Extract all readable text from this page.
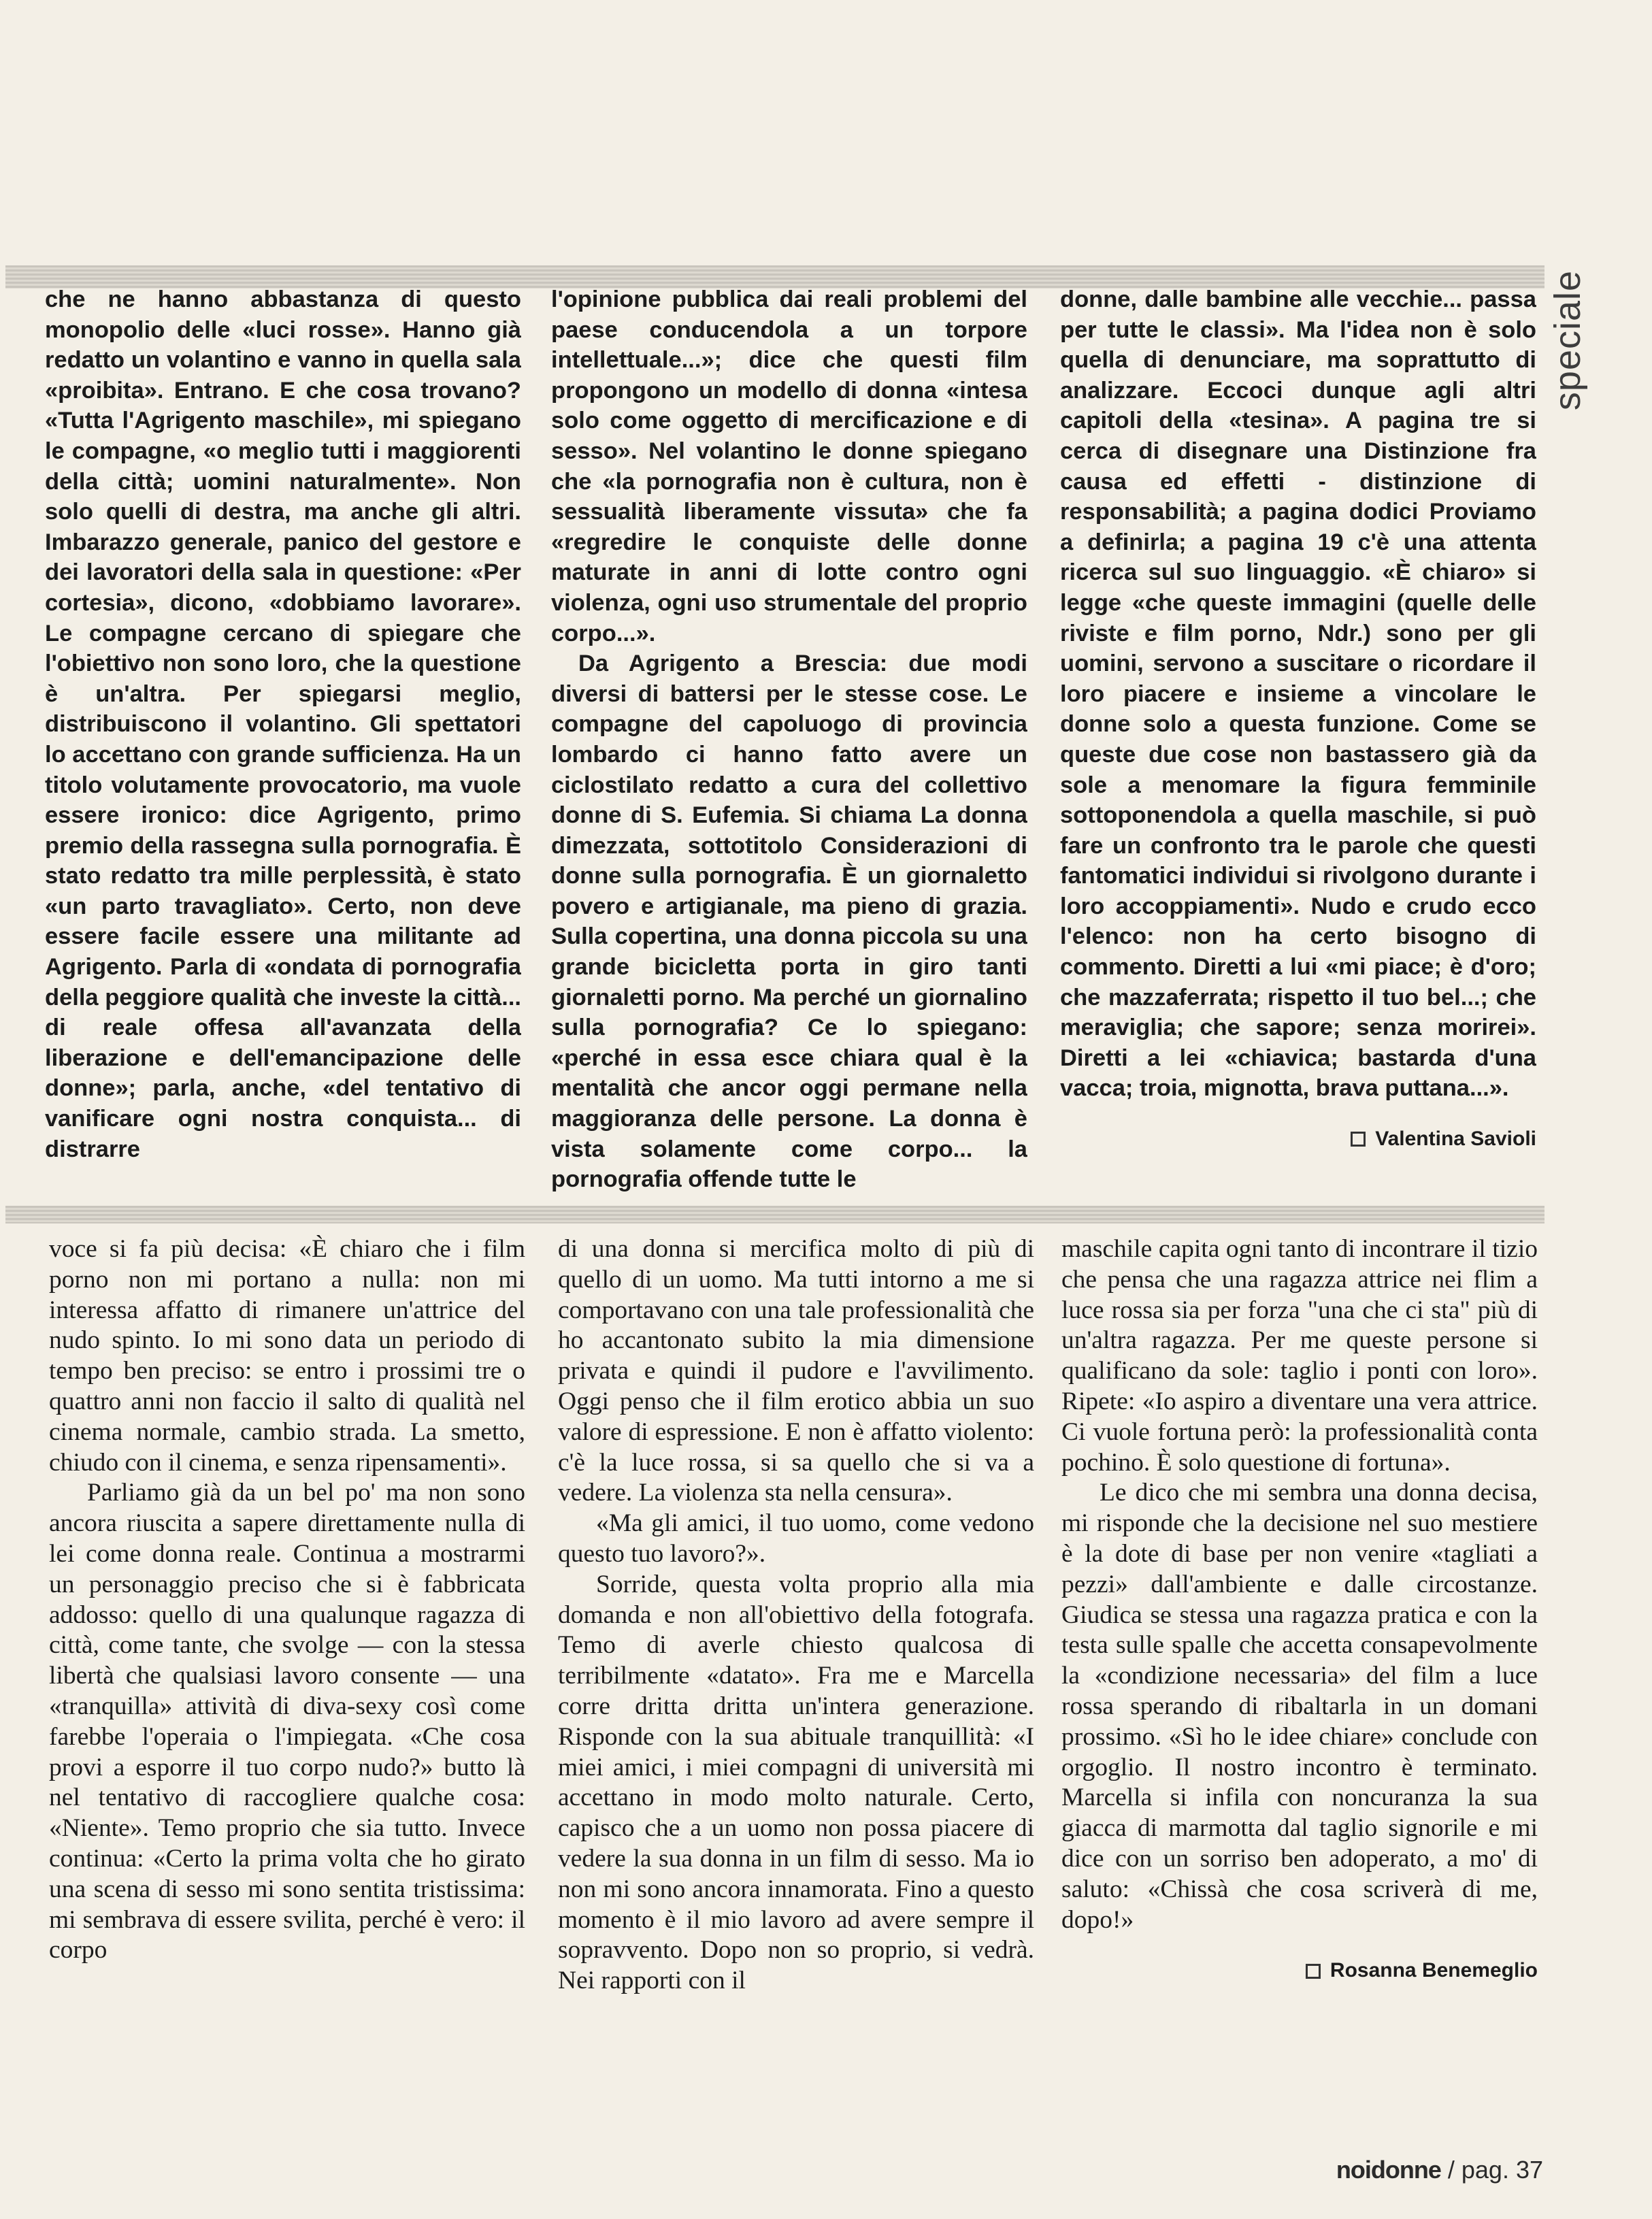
speciale

che ne hanno abbastanza di questo monopolio delle «luci rosse». Hanno già redatto un volantino e vanno in quella sala «proibita». Entrano. E che cosa trovano? «Tutta l'Agrigento maschile», mi spiegano le compagne, «o meglio tutti i maggiorenti della città; uomini naturalmente». Non solo quelli di destra, ma anche gli altri. Imbarazzo generale, panico del gestore e dei lavoratori della sala in questione: «Per cortesia», dicono, «dobbiamo lavorare». Le compagne cercano di spiegare che l'obiettivo non sono loro, che la questione è un'altra. Per spiegarsi meglio, distribuiscono il volantino. Gli spettatori lo accettano con grande sufficienza. Ha un titolo volutamente provocatorio, ma vuole essere ironico: dice Agrigento, primo premio della rassegna sulla pornografia. È stato redatto tra mille perplessità, è stato «un parto travagliato». Certo, non deve essere facile essere una militante ad Agrigento. Parla di «ondata di pornografia della peggiore qualità che investe la città... di reale offesa all'avanzata della liberazione e dell'emancipazione delle donne»; parla, anche, «del tentativo di vanificare ogni nostra conquista... di distrarre

l'opinione pubblica dai reali problemi del paese conducendola a un torpore intellettuale...»; dice che questi film propongono un modello di donna «intesa solo come oggetto di mercificazione e di sesso». Nel volantino le donne spiegano che «la pornografia non è cultura, non è sessualità liberamente vissuta» che fa «regredire le conquiste delle donne maturate in anni di lotte contro ogni violenza, ogni uso strumentale del proprio corpo...».

Da Agrigento a Brescia: due modi diversi di battersi per le stesse cose. Le compagne del capoluogo di provincia lombardo ci hanno fatto avere un ciclostilato redatto a cura del collettivo donne di S. Eufemia. Si chiama La donna dimezzata, sottotitolo Considerazioni di donne sulla pornografia. È un giornaletto povero e artigianale, ma pieno di grazia. Sulla copertina, una donna piccola su una grande bicicletta porta in giro tanti giornaletti porno. Ma perché un giornalino sulla pornografia? Ce lo spiegano: «perché in essa esce chiara qual è la mentalità che ancor oggi permane nella maggioranza delle persone. La donna è vista solamente come corpo... la pornografia offende tutte le

donne, dalle bambine alle vecchie... passa per tutte le classi». Ma l'idea non è solo quella di denunciare, ma soprattutto di analizzare. Eccoci dunque agli altri capitoli della «tesina». A pagina tre si cerca di disegnare una Distinzione fra causa ed effetti - distinzione di responsabilità; a pagina dodici Proviamo a definirla; a pagina 19 c'è una attenta ricerca sul suo linguaggio. «È chiaro» si legge «che queste immagini (quelle delle riviste e film porno, Ndr.) sono per gli uomini, servono a suscitare o ricordare il loro piacere e insieme a vincolare le donne solo a questa funzione. Come se queste due cose non bastassero già da sole a menomare la figura femminile sottoponendola a quella maschile, si può fare un confronto tra le parole che questi fantomatici individui si rivolgono durante i loro accoppiamenti». Nudo e crudo ecco l'elenco: non ha certo bisogno di commento. Diretti a lui «mi piace; è d'oro; che mazzaferrata; rispetto il tuo bel...; che meraviglia; che sapore; senza morirei». Diretti a lei «chiavica; bastarda d'una vacca; troia, mignotta, brava puttana...».

Valentina Savioli

voce si fa più decisa: «È chiaro che i film porno non mi portano a nulla: non mi interessa affatto di rimanere un'attrice del nudo spinto. Io mi sono data un periodo di tempo ben preciso: se entro i prossimi tre o quattro anni non faccio il salto di qualità nel cinema normale, cambio strada. La smetto, chiudo con il cinema, e senza ripensamenti».

Parliamo già da un bel po' ma non sono ancora riuscita a sapere direttamente nulla di lei come donna reale. Continua a mostrarmi un personaggio preciso che si è fabbricata addosso: quello di una qualunque ragazza di città, come tante, che svolge — con la stessa libertà che qualsiasi lavoro consente — una «tranquilla» attività di diva-sexy così come farebbe l'operaia o l'impiegata. «Che cosa provi a esporre il tuo corpo nudo?» butto là nel tentativo di raccogliere qualche cosa: «Niente». Temo proprio che sia tutto. Invece continua: «Certo la prima volta che ho girato una scena di sesso mi sono sentita tristissima: mi sembrava di essere svilita, perché è vero: il corpo

di una donna si mercifica molto di più di quello di un uomo. Ma tutti intorno a me si comportavano con una tale professionalità che ho accantonato subito la mia dimensione privata e quindi il pudore e l'avvilimento. Oggi penso che il film erotico abbia un suo valore di espressione. E non è affatto violento: c'è la luce rossa, si sa quello che si va a vedere. La violenza sta nella censura».

«Ma gli amici, il tuo uomo, come vedono questo tuo lavoro?».

Sorride, questa volta proprio alla mia domanda e non all'obiettivo della fotografa. Temo di averle chiesto qualcosa di terribilmente «datato». Fra me e Marcella corre dritta dritta un'intera generazione. Risponde con la sua abituale tranquillità: «I miei amici, i miei compagni di università mi accettano in modo molto naturale. Certo, capisco che a un uomo non possa piacere di vedere la sua donna in un film di sesso. Ma io non mi sono ancora innamorata. Fino a questo momento è il mio lavoro ad avere sempre il sopravvento. Dopo non so proprio, si vedrà. Nei rapporti con il

maschile capita ogni tanto di incontrare il tizio che pensa che una ragazza attrice nei flim a luce rossa sia per forza "una che ci sta" più di un'altra ragazza. Per me queste persone si qualificano da sole: taglio i ponti con loro». Ripete: «Io aspiro a diventare una vera attrice. Ci vuole fortuna però: la professionalità conta pochino. È solo questione di fortuna».

Le dico che mi sembra una donna decisa, mi risponde che la decisione nel suo mestiere è la dote di base per non venire «tagliati a pezzi» dall'ambiente e dalle circostanze. Giudica se stessa una ragazza pratica e con la testa sulle spalle che accetta consapevolmente la «condizione necessaria» del film a luce rossa sperando di ribaltarla in un domani prossimo. «Sì ho le idee chiare» conclude con orgoglio. Il nostro incontro è terminato. Marcella si infila con noncuranza la sua giacca di marmotta dal taglio signorile e mi dice con un sorriso ben adoperato, a mo' di saluto: «Chissà che cosa scriverà di me, dopo!»

Rosanna Benemeglio
noidonne / pag. 37
